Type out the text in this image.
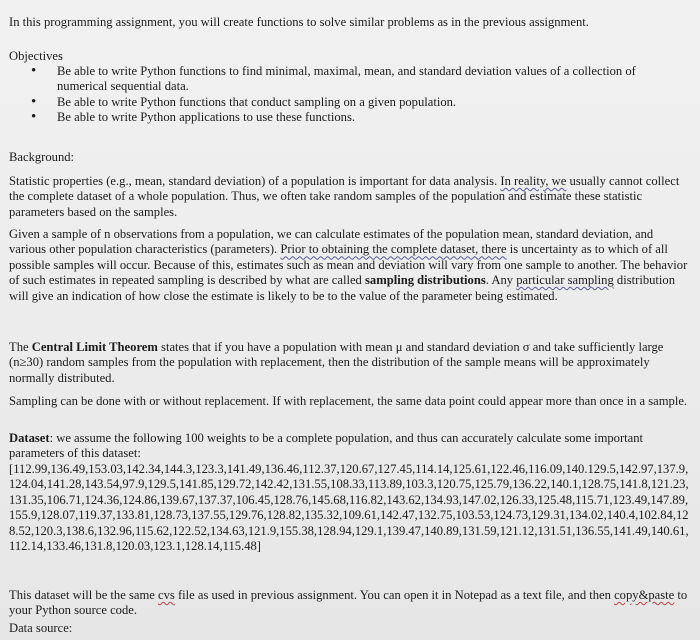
In this programming assignment, you will create functions to solve similar problems as in the previous assignment.

Objectives

• Be able to write Python functions to find minimal, maximal, mean, and standard deviation values of a collection of numerical sequential data.
• Be able to write Python functions that conduct sampling on a given population.
• Be able to write Python applications to use these functions.

Background:

Statistic properties (e.g., mean, standard deviation) of a population is important for data analysis. In reality, we usually cannot collect the complete dataset of a whole population. Thus, we often take random samples of the population and estimate these statistic parameters based on the samples.

Given a sample of n observations from a population, we can calculate estimates of the population mean, standard deviation, and various other population characteristics (parameters). Prior to obtaining the complete dataset, there is uncertainty as to which of all possible samples will occur. Because of this, estimates such as mean and deviation will vary from one sample to another. The behavior of such estimates in repeated sampling is described by what are called sampling distributions. Any particular sampling distribution will give an indication of how close the estimate is likely to be to the value of the parameter being estimated.

The Central Limit Theorem states that if you have a population with mean μ and standard deviation σ and take sufficiently large (n≥30) random samples from the population with replacement, then the distribution of the sample means will be approximately normally distributed.

Sampling can be done with or without replacement. If with replacement, the same data point could appear more than once in a sample.

Dataset: we assume the following 100 weights to be a complete population, and thus can accurately calculate some important parameters of this dataset:

[112.99,136.49,153.03,142.34,144.3,123.3,141.49,136.46,112.37,120.67,127.45,114.14,125.61,122.46,116.09,140.129.5,142.97,137.9,124.04,141.28,143.54,97.9,129.5,141.85,129.72,142.42,131.55,108.33,113.89,103.3,120.75,125.79,136.22,140.1,128.75,141.8,121.23,131.35,106.71,124.36,124.86,139.67,137.37,106.45,128.76,145.68,116.82,143.62,134.93,147.02,126.33,125.48,115.71,123.49,147.89,155.9,128.07,119.37,133.81,128.73,137.55,129.76,128.82,135.32,109.61,142.47,132.75,103.53,124.73,129.31,134.02,140.4,102.84,128.52,120.3,138.6,132.96,115.62,122.52,134.63,121.9,155.38,128.94,129.1,139.47,140.89,131.59,121.12,131.51,136.55,141.49,140.61,112.14,133.46,131.8,120.03,123.1,128.14,115.48]

This dataset will be the same cvs file as used in previous assignment. You can open it in Notepad as a text file, and then copy&paste to your Python source code.

Data source:
